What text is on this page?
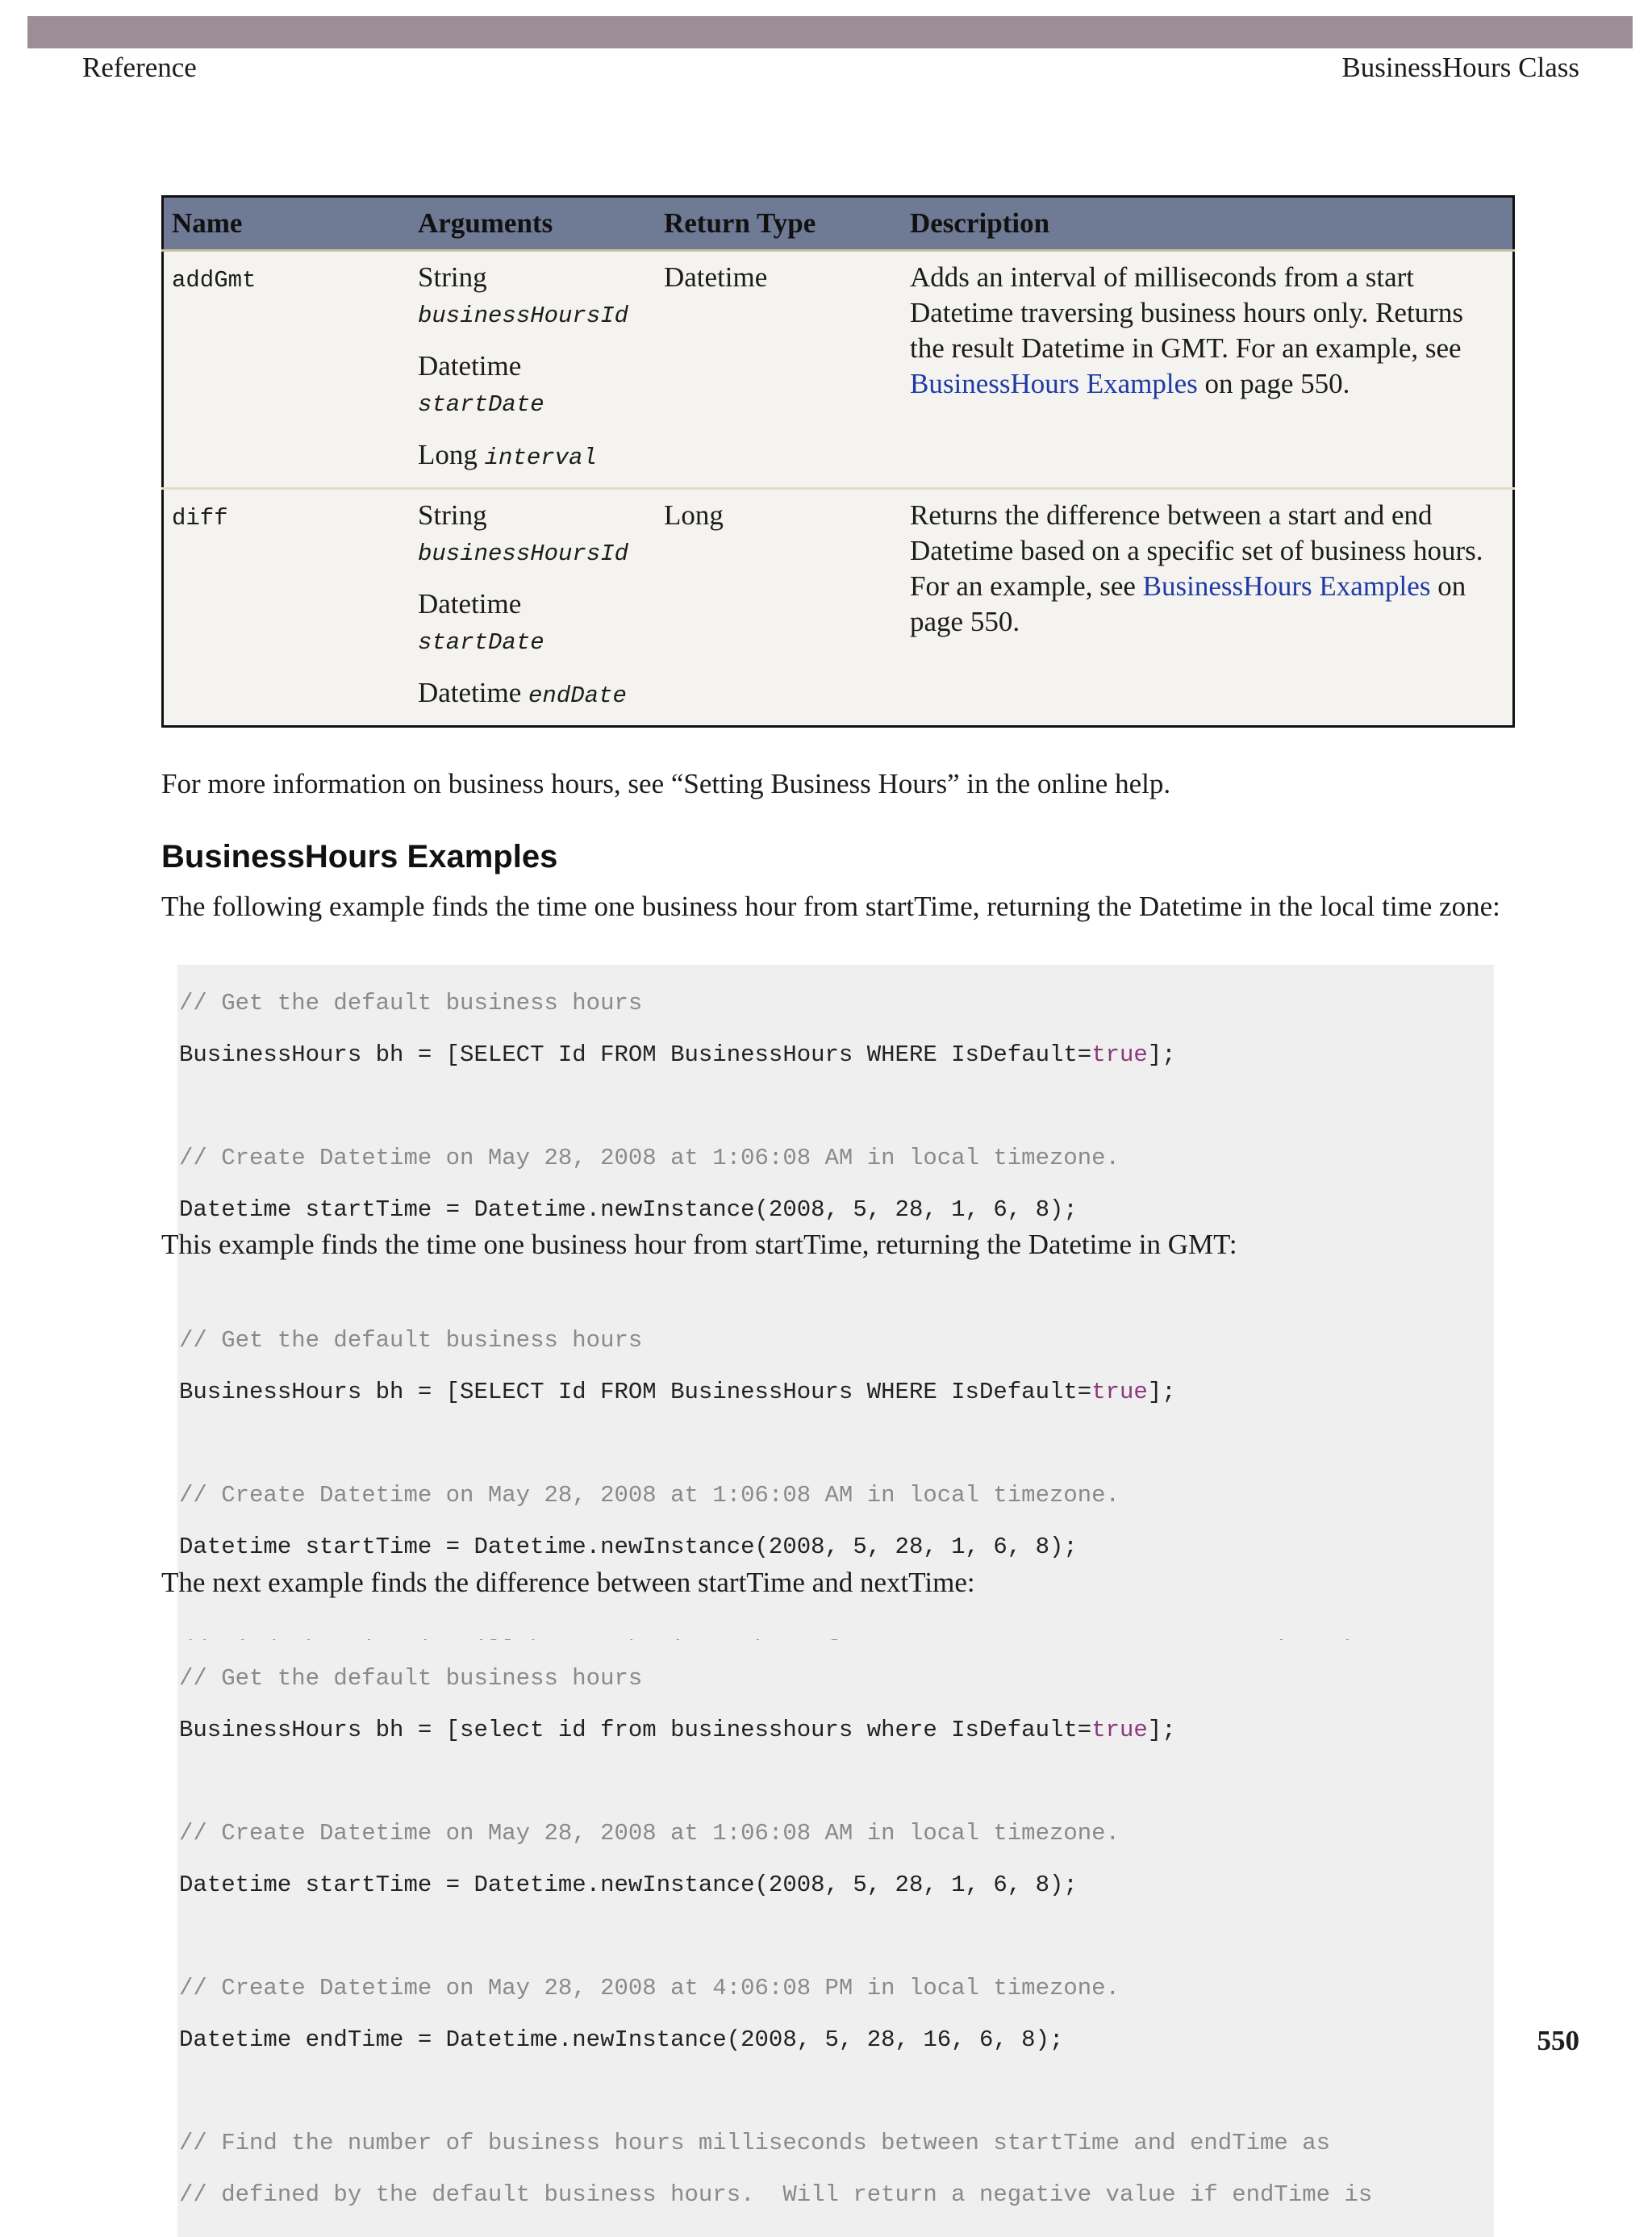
Reference	BusinessHours Class
Name	Arguments	Return Type	Description
addGmt	String
businessHoursId
Datetime
startDate
Long interval	Datetime	Adds an interval of milliseconds from a start Datetime traversing business hours only. Returns the result Datetime in GMT. For an example, see BusinessHours Examples on page 550.
diff	String
businessHoursId
Datetime
startDate
Datetime endDate	Long	Returns the difference between a start and end Datetime based on a specific set of business hours. For an example, see BusinessHours Examples on page 550.
For more information on business hours, see “Setting Business Hours” in the online help.
BusinessHours Examples
The following example finds the time one business hour from startTime, returning the Datetime in the local time zone:

// Get the default business hours

BusinessHours bh = [SELECT Id FROM BusinessHours WHERE IsDefault=true];

// Create Datetime on May 28, 2008 at 1:06:08 AM in local timezone.

Datetime startTime = Datetime.newInstance(2008, 5, 28, 1, 6, 8);

This example finds the time one business hour from startTime, returning the Datetime in GMT:

// Get the default business hours

BusinessHours bh = [SELECT Id FROM BusinessHours WHERE IsDefault=true];

// Create Datetime on May 28, 2008 at 1:06:08 AM in local timezone.

Datetime startTime = Datetime.newInstance(2008, 5, 28, 1, 6, 8);

The next example finds the difference between startTime and nextTime:

// Get the default business hours

BusinessHours bh = [select id from businesshours where IsDefault=true];

// Create Datetime on May 28, 2008 at 1:06:08 AM in local timezone.

Datetime startTime = Datetime.newInstance(2008, 5, 28, 1, 6, 8);

// Create Datetime on May 28, 2008 at 4:06:08 PM in local timezone.

Datetime endTime = Datetime.newInstance(2008, 5, 28, 16, 6, 8);

// Find the number of business hours milliseconds between startTime and endTime as

// defined by the default business hours.  Will return a negative value if endTime is

550
